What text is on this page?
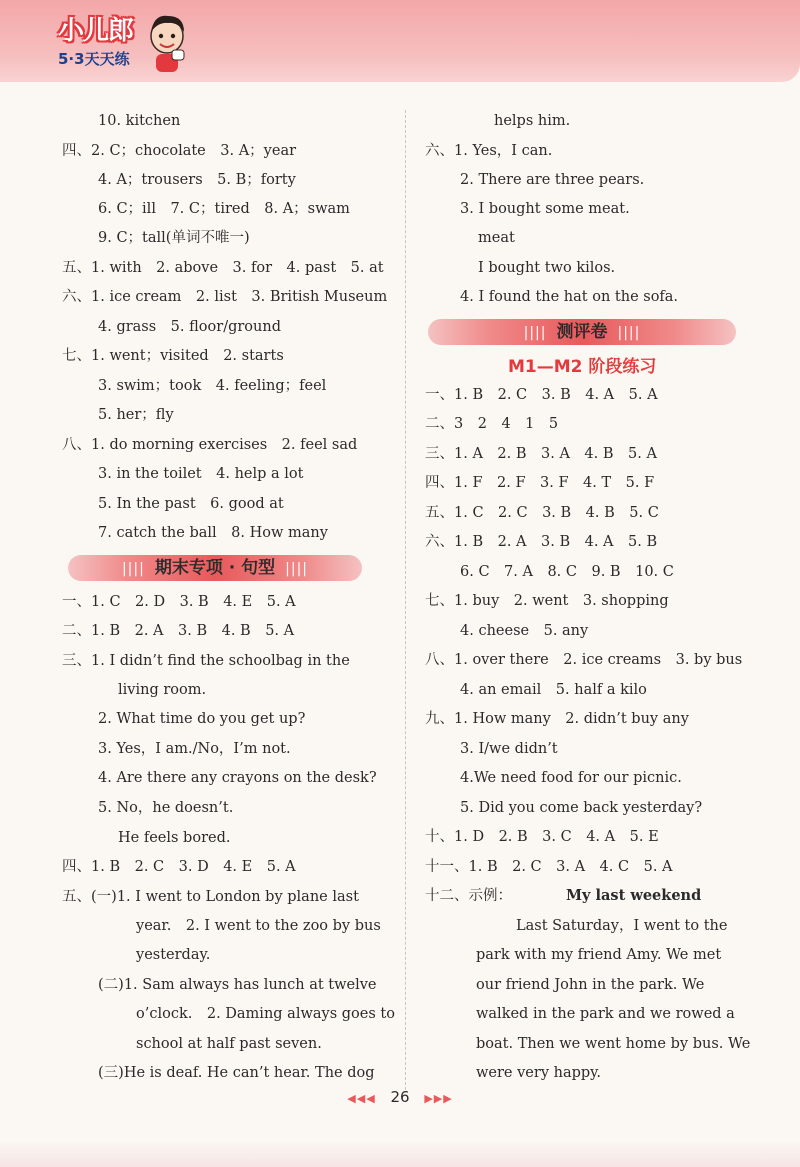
小儿郎
5·3天天练
10. kitchen
四、2. C；chocolate　3. A；year
4. A；trousers　5. B；forty
6. C；ill　7. C；tired　8. A；swam
9. C；tall(单词不唯一)
五、1. with　2. above　3. for　4. past　5. at
六、1. ice cream　2. list　3. British Museum
4. grass　5. floor/ground
七、1. went；visited　2. starts
3. swim；took　4. feeling；feel
5. her；fly
八、1. do morning exercises　2. feel sad
3. in the toilet　4. help a lot
5. In the past　6. good at
7. catch the ball　8. How many
一、1. C　2. D　3. B　4. E　5. A
二、1. B　2. A　3. B　4. B　5. A
三、1. I didn’t find the schoolbag in the
living room.
2. What time do you get up?
3. Yes，I am./No，I’m not.
4. Are there any crayons on the desk?
5. No，he doesn’t.
He feels bored.
四、1. B　2. C　3. D　4. E　5. A
五、(一)1. I went to London by plane last
year.　2. I went to the zoo by bus
yesterday.
(二)1. Sam always has lunch at twelve
o’clock.　2. Daming always goes to
school at half past seven.
(三)He is deaf. He can’t hear. The dog
helps him.
六、1. Yes，I can.
2. There are three pears.
3. I bought some meat.
meat
I bought two kilos.
4. I found the hat on the sofa.
一、1. B　2. C　3. B　4. A　5. A
二、3　2　4　1　5
三、1. A　2. B　3. A　4. B　5. A
四、1. F　2. F　3. F　4. T　5. F
五、1. C　2. C　3. B　4. B　5. C
六、1. B　2. A　3. B　4. A　5. B
6. C　7. A　8. C　9. B　10. C
七、1. buy　2. went　3. shopping
4. cheese　5. any
八、1. over there　2. ice creams　3. by bus
4. an email　5. half a kilo
九、1. How many　2. didn’t buy any
3. I/we didn’t
4.We need food for our picnic.
5. Did you come back yesterday?
十、1. D　2. B　3. C　4. A　5. E
十一、1. B　2. C　3. A　4. C　5. A
Last Saturday，I went to the
park with my friend Amy. We met
our friend John in the park. We
walked in the park and we rowed a
boat. Then we went home by bus. We
were very happy.
|||| 期末专项 · 句型 ||||
|||| 测评卷 ||||
M1—M2 阶段练习
十二、示例：	My last weekend
◀◀◀ 26 ▶▶▶
